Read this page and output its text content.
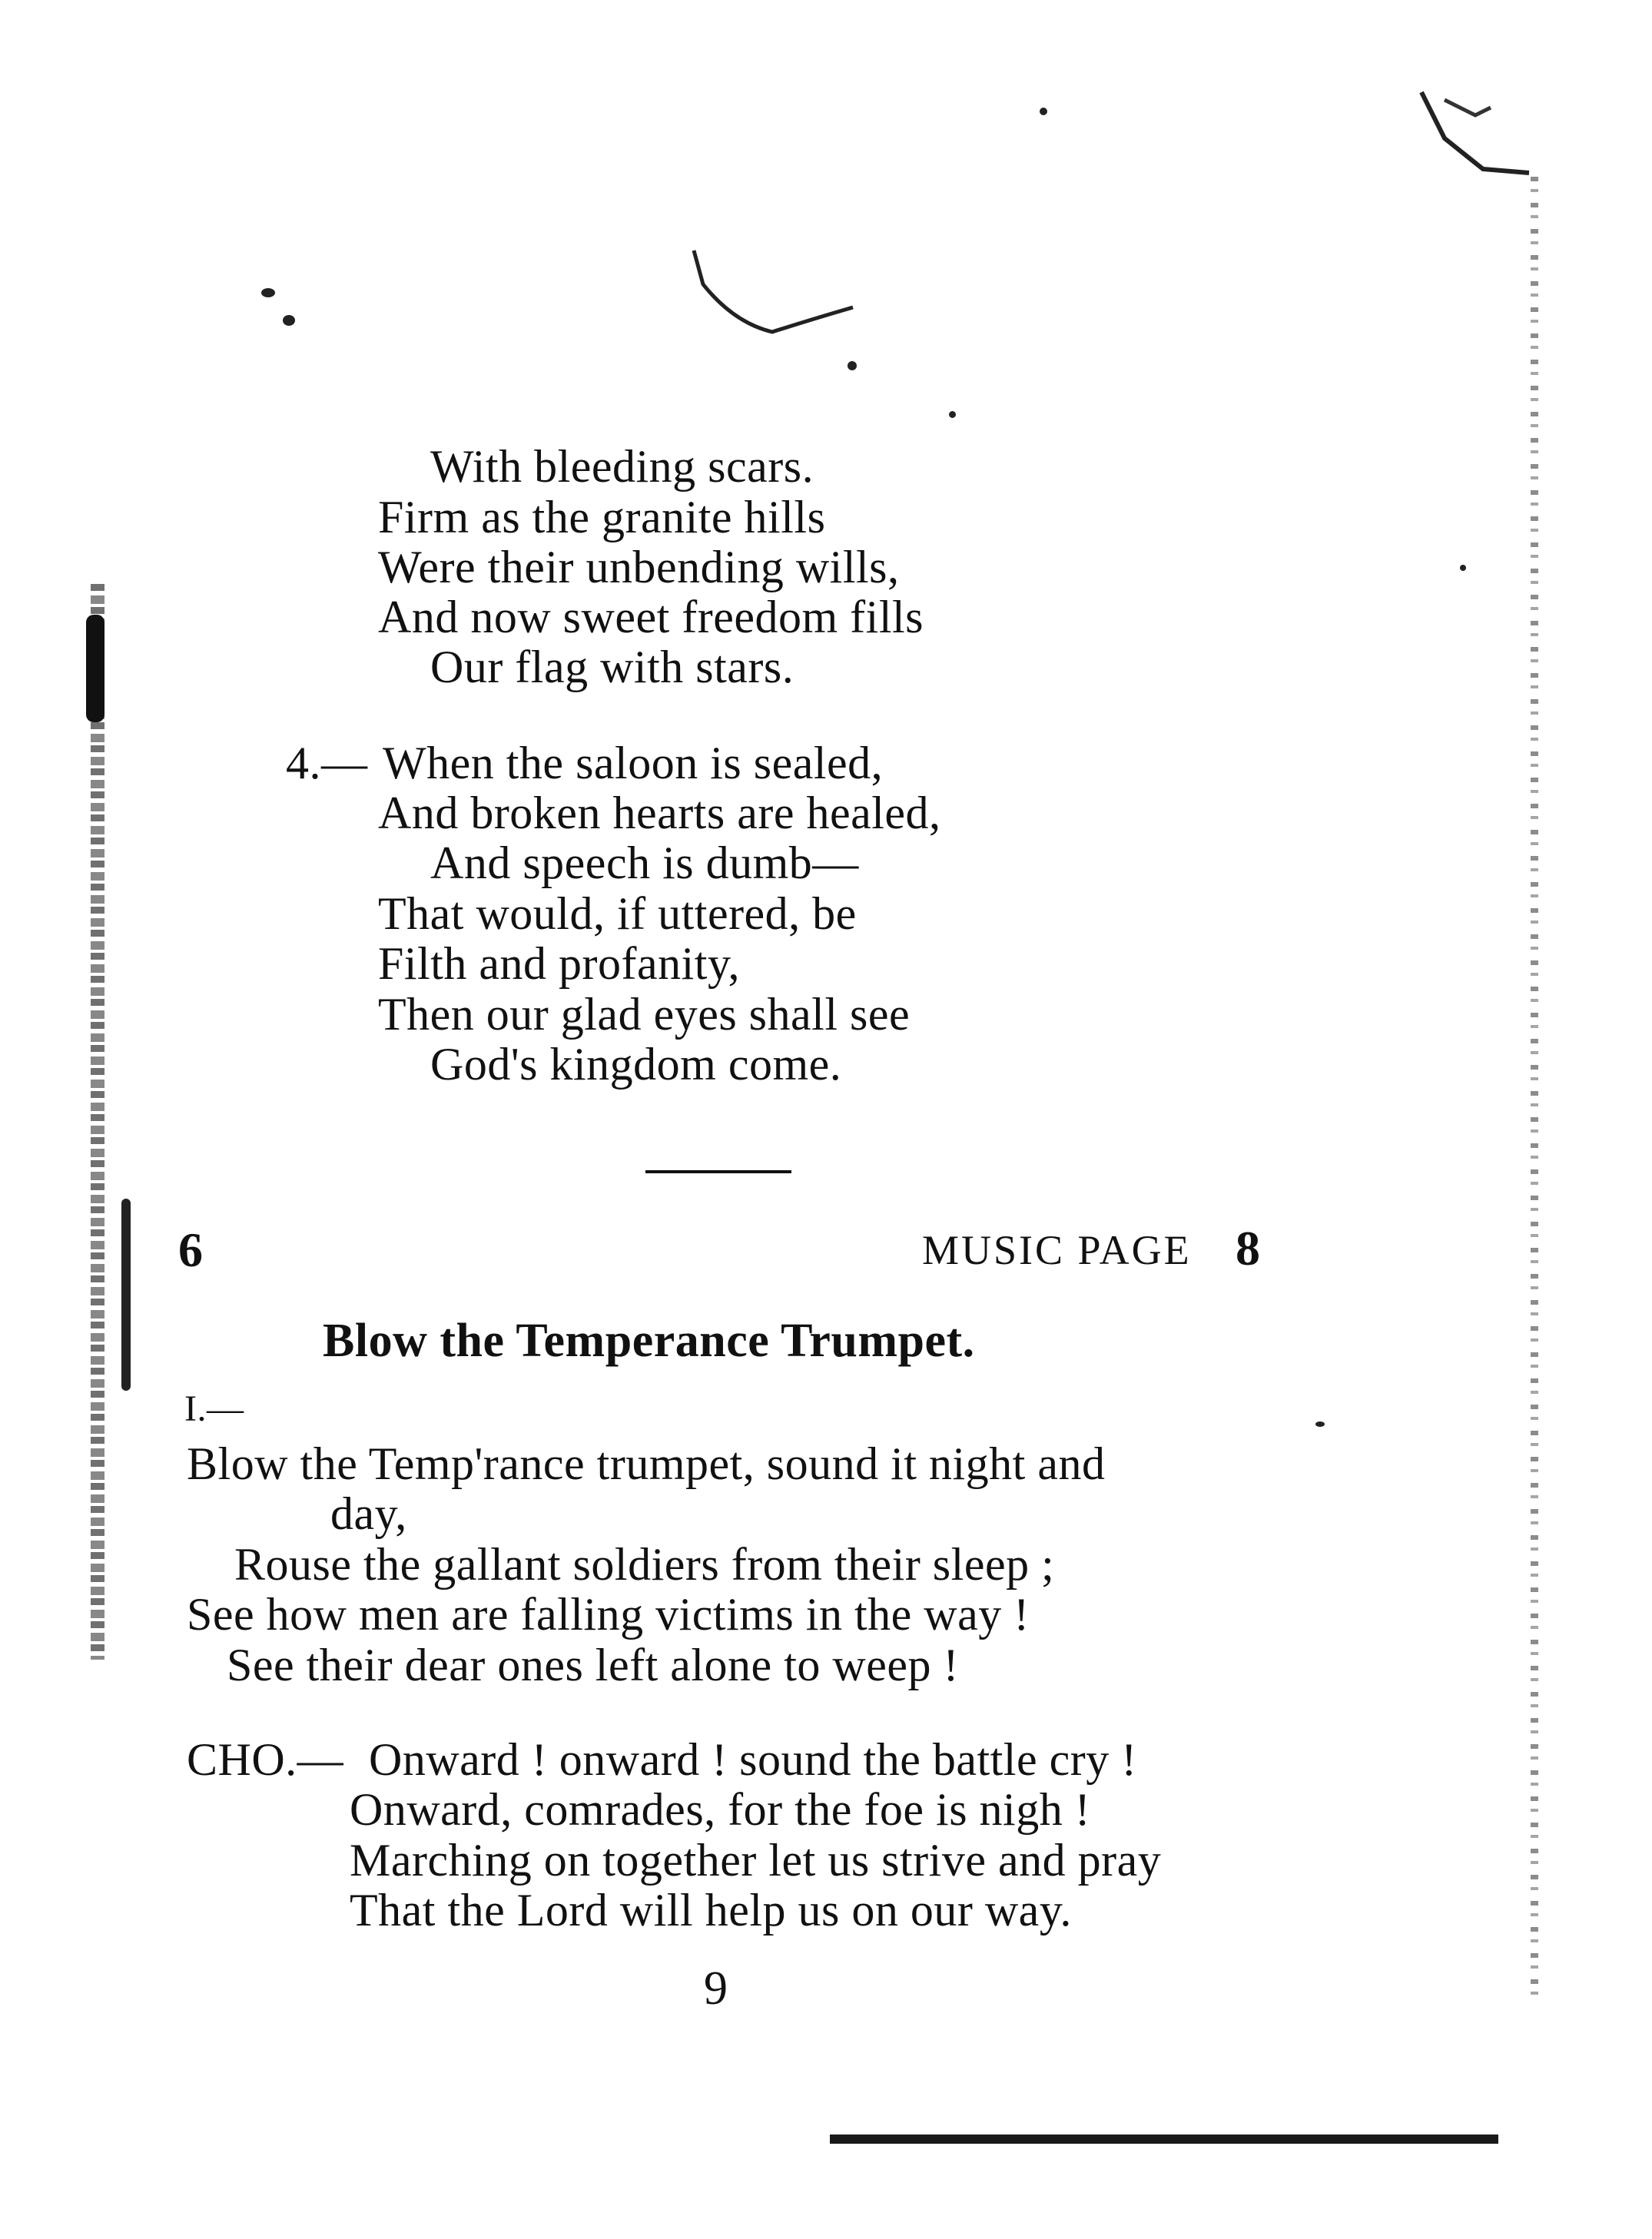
With bleeding scars.
Firm as the granite hills
Were their unbending wills,
And now sweet freedom fills
Our flag with stars.
4.— When the saloon is sealed,
And broken hearts are healed,
And speech is dumb—
That would, if uttered, be
Filth and profanity,
Then our glad eyes shall see
God's kingdom come.
6	MUSIC PAGE 8
Blow the Temperance Trumpet.
I.—
Blow the Temp'rance trumpet, sound it night and
day,
Rouse the gallant soldiers from their sleep ;
See how men are falling victims in the way !
See their dear ones left alone to weep !
CHO.— Onward ! onward ! sound the battle cry !
Onward, comrades, for the foe is nigh !
Marching on together let us strive and pray
That the Lord will help us on our way.
9
